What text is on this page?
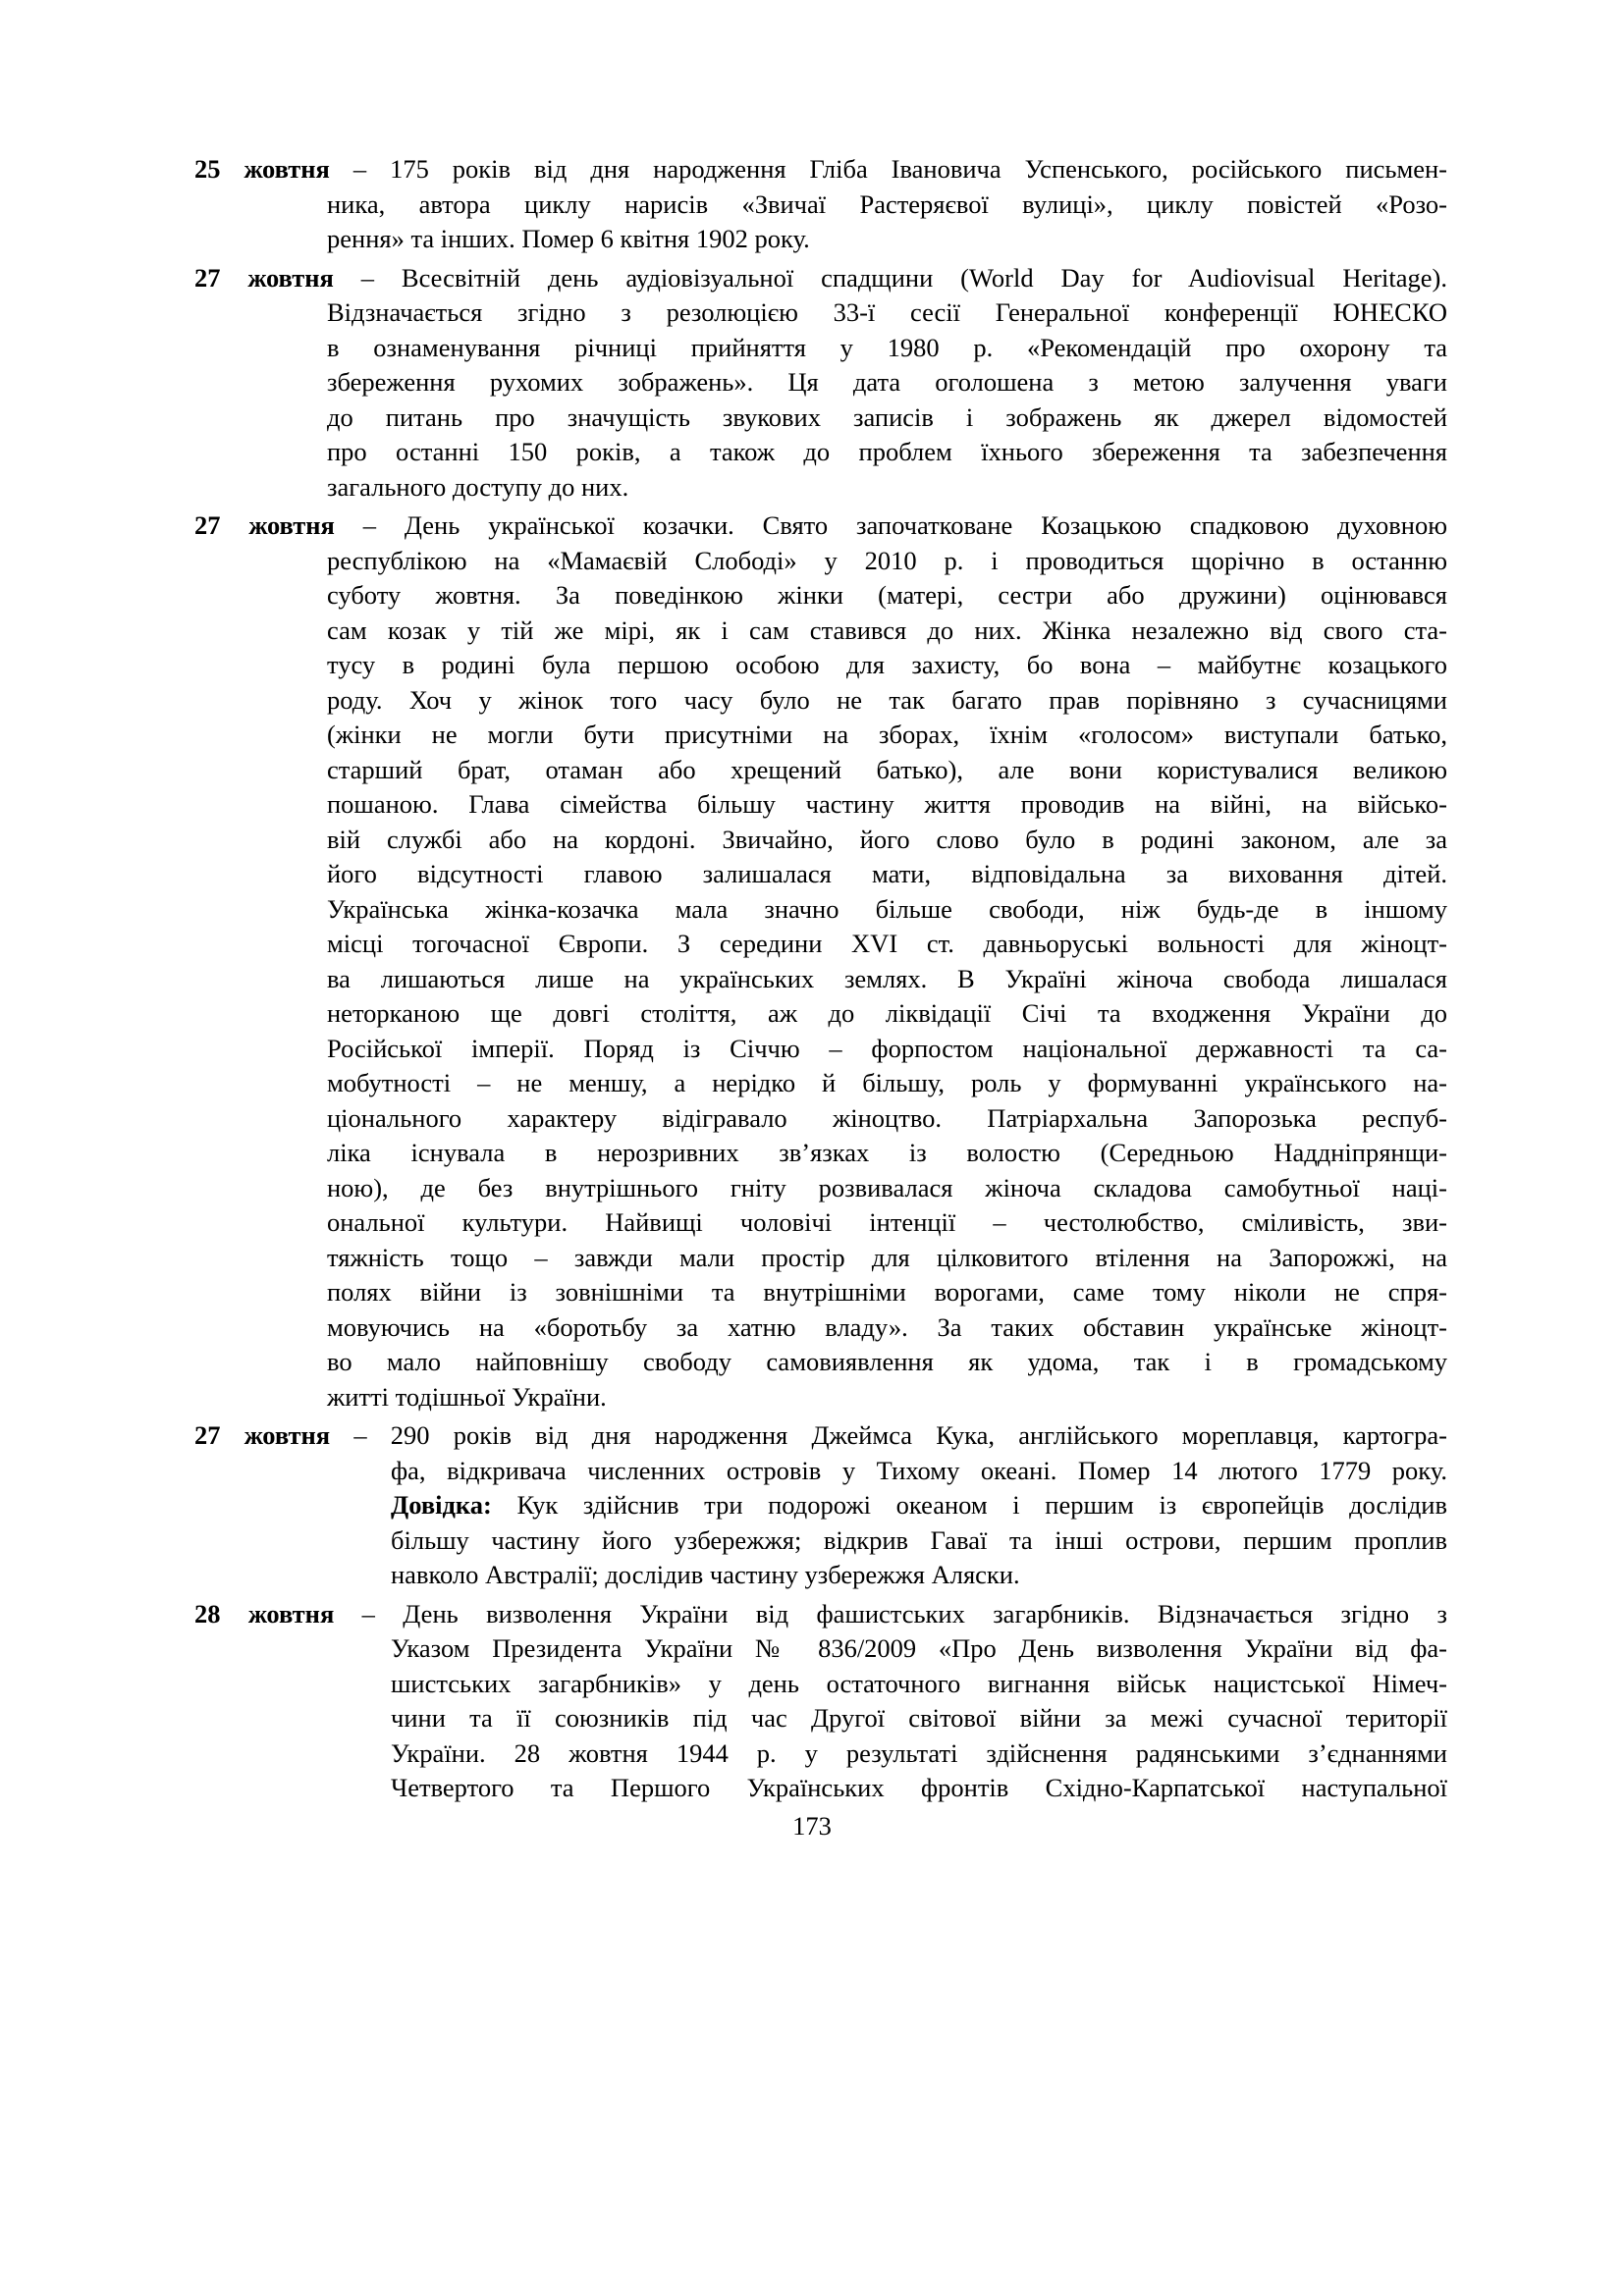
25 жовтня – 175 років від дня народження Гліба Івановича Успенського, російського письмен-
ника, автора циклу нарисів «Звичаї Растеряєвої вулиці», циклу повістей «Розо-
рення» та інших. Помер 6 квітня 1902 року.
27 жовтня – Всесвітній день аудіовізуальної спадщини (World Day for Audiovisual Heritage).
Відзначається згідно з резолюцією 33-ї сесії Генеральної конференції ЮНЕСКО
в ознаменування річниці прийняття у 1980 р. «Рекомендацій про охорону та
збереження рухомих зображень». Ця дата оголошена з метою залучення уваги
до питань про значущість звукових записів і зображень як джерел відомостей
про останні 150 років, а також до проблем їхнього збереження та забезпечення
загального доступу до них.
27 жовтня – День української козачки. Свято започатковане Козацькою спадковою духовною
республікою на «Мамаєвій Слободі» у 2010 р. і проводиться щорічно в останню
суботу жовтня. За поведінкою жінки (матері, сестри або дружини) оцінювався
сам козак у тій же мірі, як і сам ставився до них. Жінка незалежно від свого ста-
тусу в родині була першою особою для захисту, бо вона – майбутнє козацького
роду. Хоч у жінок того часу було не так багато прав порівняно з сучасницями
(жінки не могли бути присутніми на зборах, їхнім «голосом» виступали батько,
старший брат, отаман або хрещений батько), але вони користувалися великою
пошаною. Глава сімейства більшу частину життя проводив на війні, на військо-
вій службі або на кордоні. Звичайно, його слово було в родині законом, але за
його відсутності главою залишалася мати, відповідальна за виховання дітей.
Українська жінка-козачка мала значно більше свободи, ніж будь-де в іншому
місці тогочасної Європи. З середини XVI ст. давньоруські вольності для жіноцт-
ва лишаються лише на українських землях. В Україні жіноча свобода лишалася
неторканою ще довгі століття, аж до ліквідації Січі та входження України до
Російської імперії. Поряд із Січчю – форпостом національної державності та са-
мобутності – не меншу, а нерідко й більшу, роль у формуванні українського на-
ціонального характеру відігравало жіноцтво. Патріархальна Запорозька респуб-
ліка існувала в нерозривних зв’язках із волостю (Середньою Наддніпрянщи-
ною), де без внутрішнього гніту розвивалася жіноча складова самобутньої наці-
ональної культури. Найвищі чоловічі інтенції – честолюбство, сміливість, зви-
тяжність тощо – завжди мали простір для цілковитого втілення на Запорожжі, на
полях війни із зовнішніми та внутрішніми ворогами, саме тому ніколи не спря-
мовуючись на «боротьбу за хатню владу». За таких обставин українське жіноцт-
во мало найповнішу свободу самовиявлення як удома, так і в громадському
житті тодішньої України.
27 жовтня – 290 років від дня народження Джеймса Кука, англійського мореплавця, картогра-
фа, відкривача численних островів у Тихому океані. Помер 14 лютого 1779 року.
Довідка: Кук здійснив три подорожі океаном і першим із європейців дослідив
більшу частину його узбережжя; відкрив Гаваї та інші острови, першим проплив
навколо Австралії; дослідив частину узбережжя Аляски.
28 жовтня – День визволення України від фашистських загарбників. Відзначається згідно з
Указом Президента України № 836/2009 «Про День визволення України від фа-
шистських загарбників» у день остаточного вигнання військ нацистської Німеч-
чини та її союзників під час Другої світової війни за межі сучасної території
України. 28 жовтня 1944 р. у результаті здійснення радянськими з’єднаннями
Четвертого та Першого Українських фронтів Східно-Карпатської наступальної
173
